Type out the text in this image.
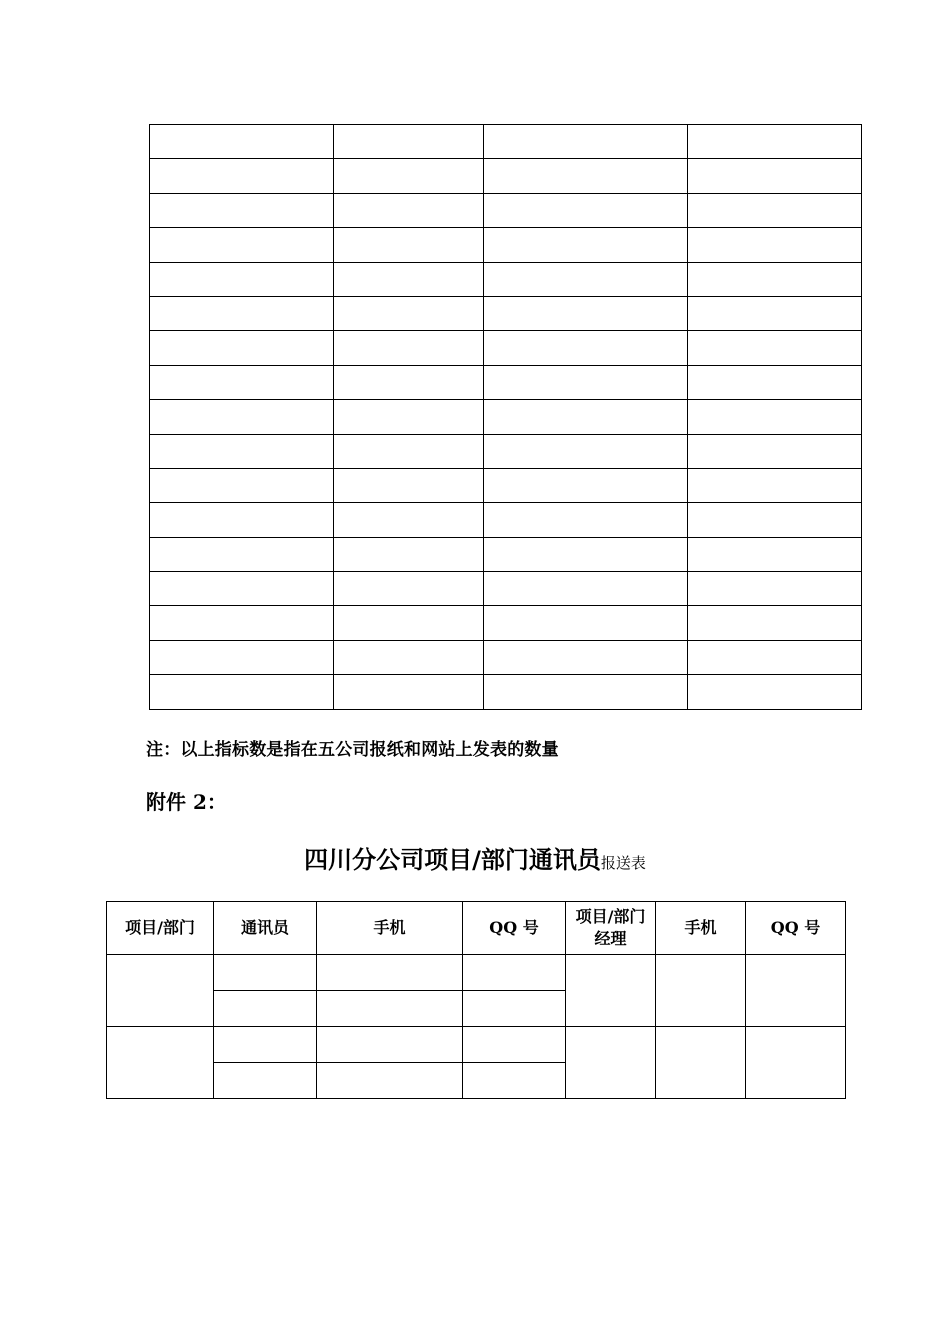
注：以上指标数是指在五公司报纸和网站上发表的数量
附件 2：
四川分公司项目/部门通讯员报送表
项目/部门	通讯员	手机	QQ 号	项目/部门经理	手机	QQ 号
